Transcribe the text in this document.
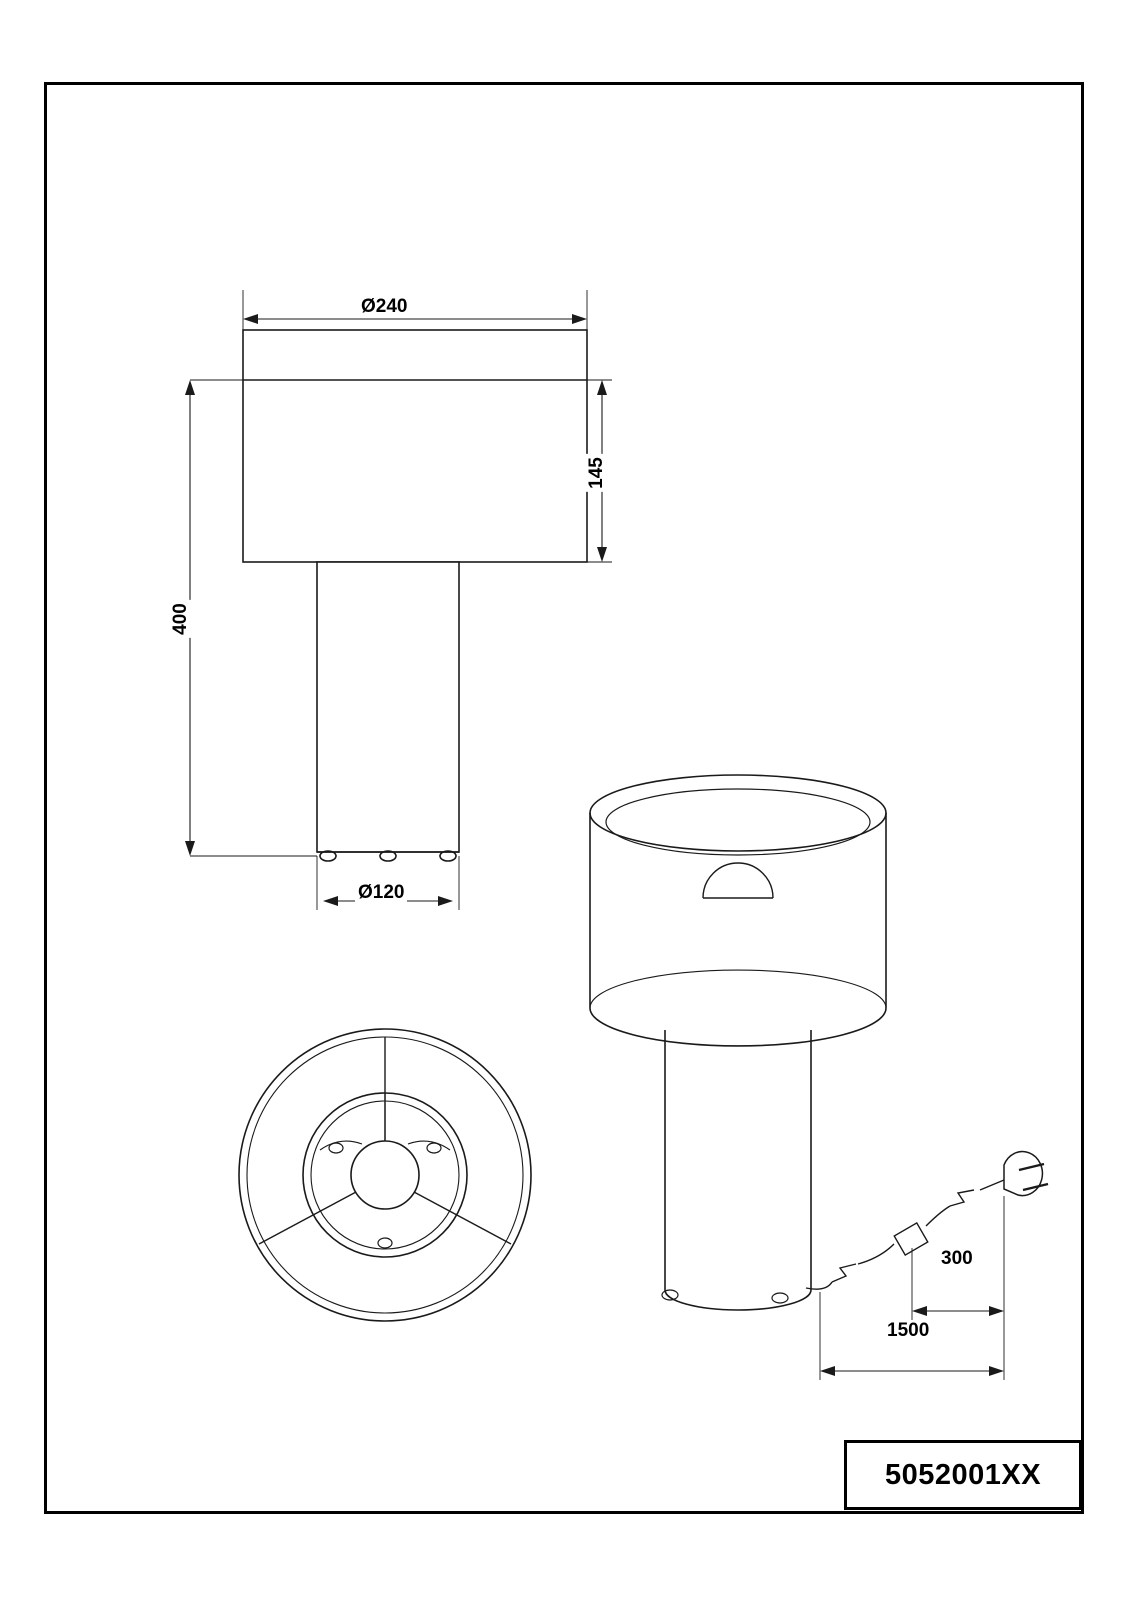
Ø240
145
400
Ø120
300
1500
5052001XX
